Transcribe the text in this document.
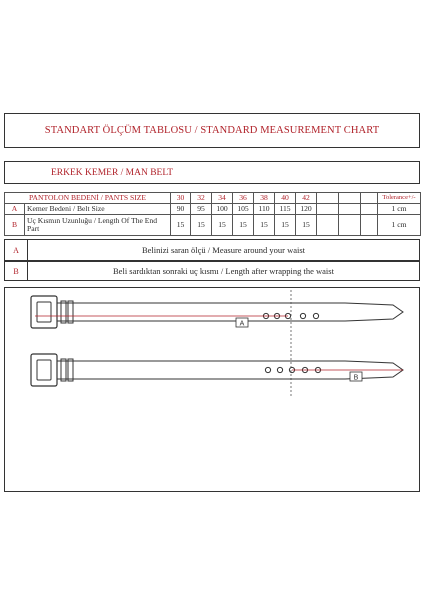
STANDART ÖLÇÜM TABLOSU / STANDARD MEASUREMENT CHART
ERKEK KEMER / MAN BELT
PANTOLON BEDENİ / PANTS SIZE		30	32	34	36	38	40	42				Tolerance+/-
A	Kemer Bedeni / Belt Size	90	95	100	105	110	115	120				1 cm
B	Uç Kısmın Uzunluğu / Length Of The End Part	15	15	15	15	15	15	15				1 cm
A	Belinizi saran ölçü / Measure around your waist
B	Beli sardıktan sonraki uç kısmı / Length after wrapping the waist
A
B
